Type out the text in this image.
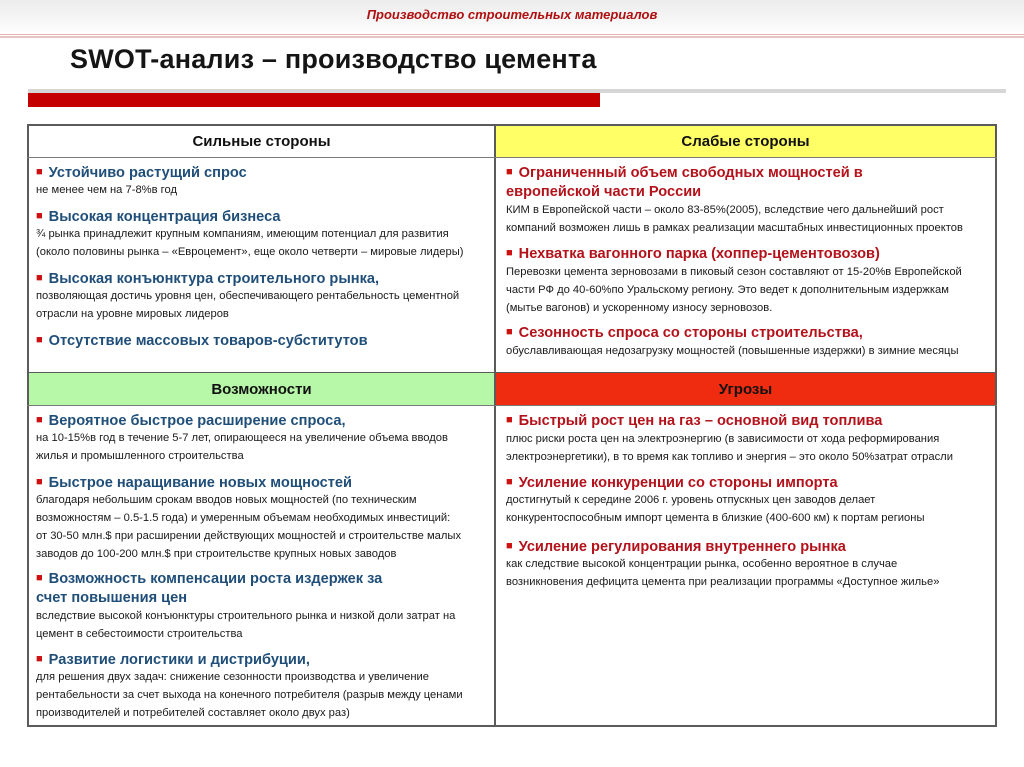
Производство строительных материалов
SWOT-анализ – производство цемента
Сильные стороны	Слабые стороны
Возможности	Угрозы
■ Устойчиво растущий спрос
не менее чем на 7-8%в год
■ Высокая концентрация бизнеса
¾ рынка принадлежит крупным компаниям, имеющим потенциал для развития
(около половины рынка – «Евроцемент», еще около четверти – мировые лидеры)
■ Высокая конъюнктура строительного рынка,
позволяющая достичь уровня цен, обеспечивающего рентабельность цементной
отрасли на уровне мировых лидеров
■ Отсутствие массовых товаров-субститутов
■ Ограниченный объем свободных мощностей в
европейской части России
КИМ в Европейской части – около 83-85%(2005), вследствие чего дальнейший рост
компаний возможен лишь в рамках реализации масштабных инвестиционных проектов
■ Нехватка вагонного парка (хоппер-цементовозов)
Перевозки цемента зерновозами в пиковый сезон составляют от 15-20%в Европейской
части РФ до 40-60%по Уральскому региону. Это ведет к дополнительным издержкам
(мытье вагонов) и ускоренному износу зерновозов.
■ Сезонность спроса со стороны строительства,
обуславливающая недозагрузку мощностей (повышенные издержки) в зимние месяцы
■ Вероятное быстрое расширение спроса,
на 10-15%в год в течение 5-7 лет, опирающееся на увеличение объема вводов
жилья и промышленного строительства
■ Быстрое наращивание новых мощностей
благодаря небольшим срокам вводов новых мощностей (по техническим
возможностям – 0.5-1.5 года) и умеренным объемам необходимых инвестиций:
от 30-50 млн.$ при расширении действующих мощностей и строительстве малых
заводов до 100-200 млн.$ при строительстве крупных новых заводов
■ Возможность компенсации роста издержек за
счет повышения цен
вследствие высокой конъюнктуры строительного рынка и низкой доли затрат на
цемент в себестоимости строительства
■ Развитие логистики и дистрибуции,
для решения двух задач: снижение сезонности производства и увеличение
рентабельности за счет выхода на конечного потребителя (разрыв между ценами
производителей и потребителей составляет около двух раз)
■ Быстрый рост цен на газ – основной вид топлива
плюс риски роста цен на электроэнергию (в зависимости от хода реформирования
электроэнергетики), в то время как топливо и энергия – это около 50%затрат отрасли
■ Усиление конкуренции со стороны импорта
достигнутый к середине 2006 г. уровень отпускных цен заводов делает
конкурентоспособным импорт цемента в близкие (400-600 км) к портам регионы
■ Усиление регулирования внутреннего рынка
как следствие высокой концентрации рынка, особенно вероятное в случае
возникновения дефицита цемента при реализации программы «Доступное жилье»
